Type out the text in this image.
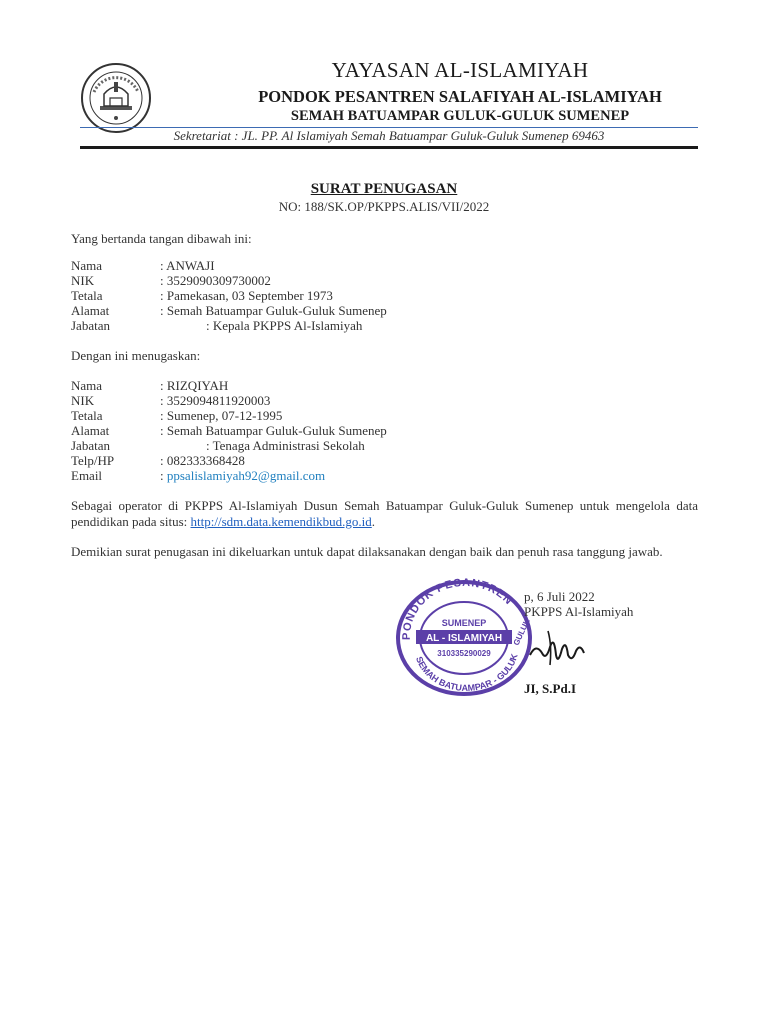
YAYASAN AL-ISLAMIYAH
PONDOK PESANTREN SALAFIYAH AL-ISLAMIYAH
SEMAH BATUAMPAR GULUK-GULUK SUMENEP
Sekretariat : JL. PP. Al Islamiyah Semah Batuampar Guluk-Guluk Sumenep 69463
SURAT PENUGASAN
NO: 188/SK.OP/PKPPS.ALIS/VII/2022
Yang bertanda tangan dibawah ini:
Nama	: ANWAJI
NIK	: 3529090309730002
Tetala	: Pamekasan, 03 September 1973
Alamat	: Semah Batuampar Guluk-Guluk Sumenep
Jabatan	: Kepala PKPPS Al-Islamiyah
Dengan ini menugaskan:
Nama	: RIZQIYAH
NIK	: 3529094811920003
Tetala	: Sumenep, 07-12-1995
Alamat	: Semah Batuampar Guluk-Guluk Sumenep
Jabatan	: Tenaga Administrasi Sekolah
Telp/HP	: 082333368428
Email	: ppsalislamiyah92@gmail.com
Sebagai operator di PKPPS Al-Islamiyah Dusun Semah Batuampar Guluk-Guluk Sumenep untuk mengelola data pendidikan pada situs: http://sdm.data.kemendikbud.go.id.
Demikian surat penugasan ini dikeluarkan untuk dapat dilaksanakan dengan baik dan penuh rasa tanggung jawab.
PONDOK PESANTREN
SEMAH BATUAMPAR - GULUK
GULUK
SUMENEP
AL - ISLAMIYAH
310335290029
p, 6 Juli 2022
PKPPS Al-Islamiyah
JI, S.Pd.I
